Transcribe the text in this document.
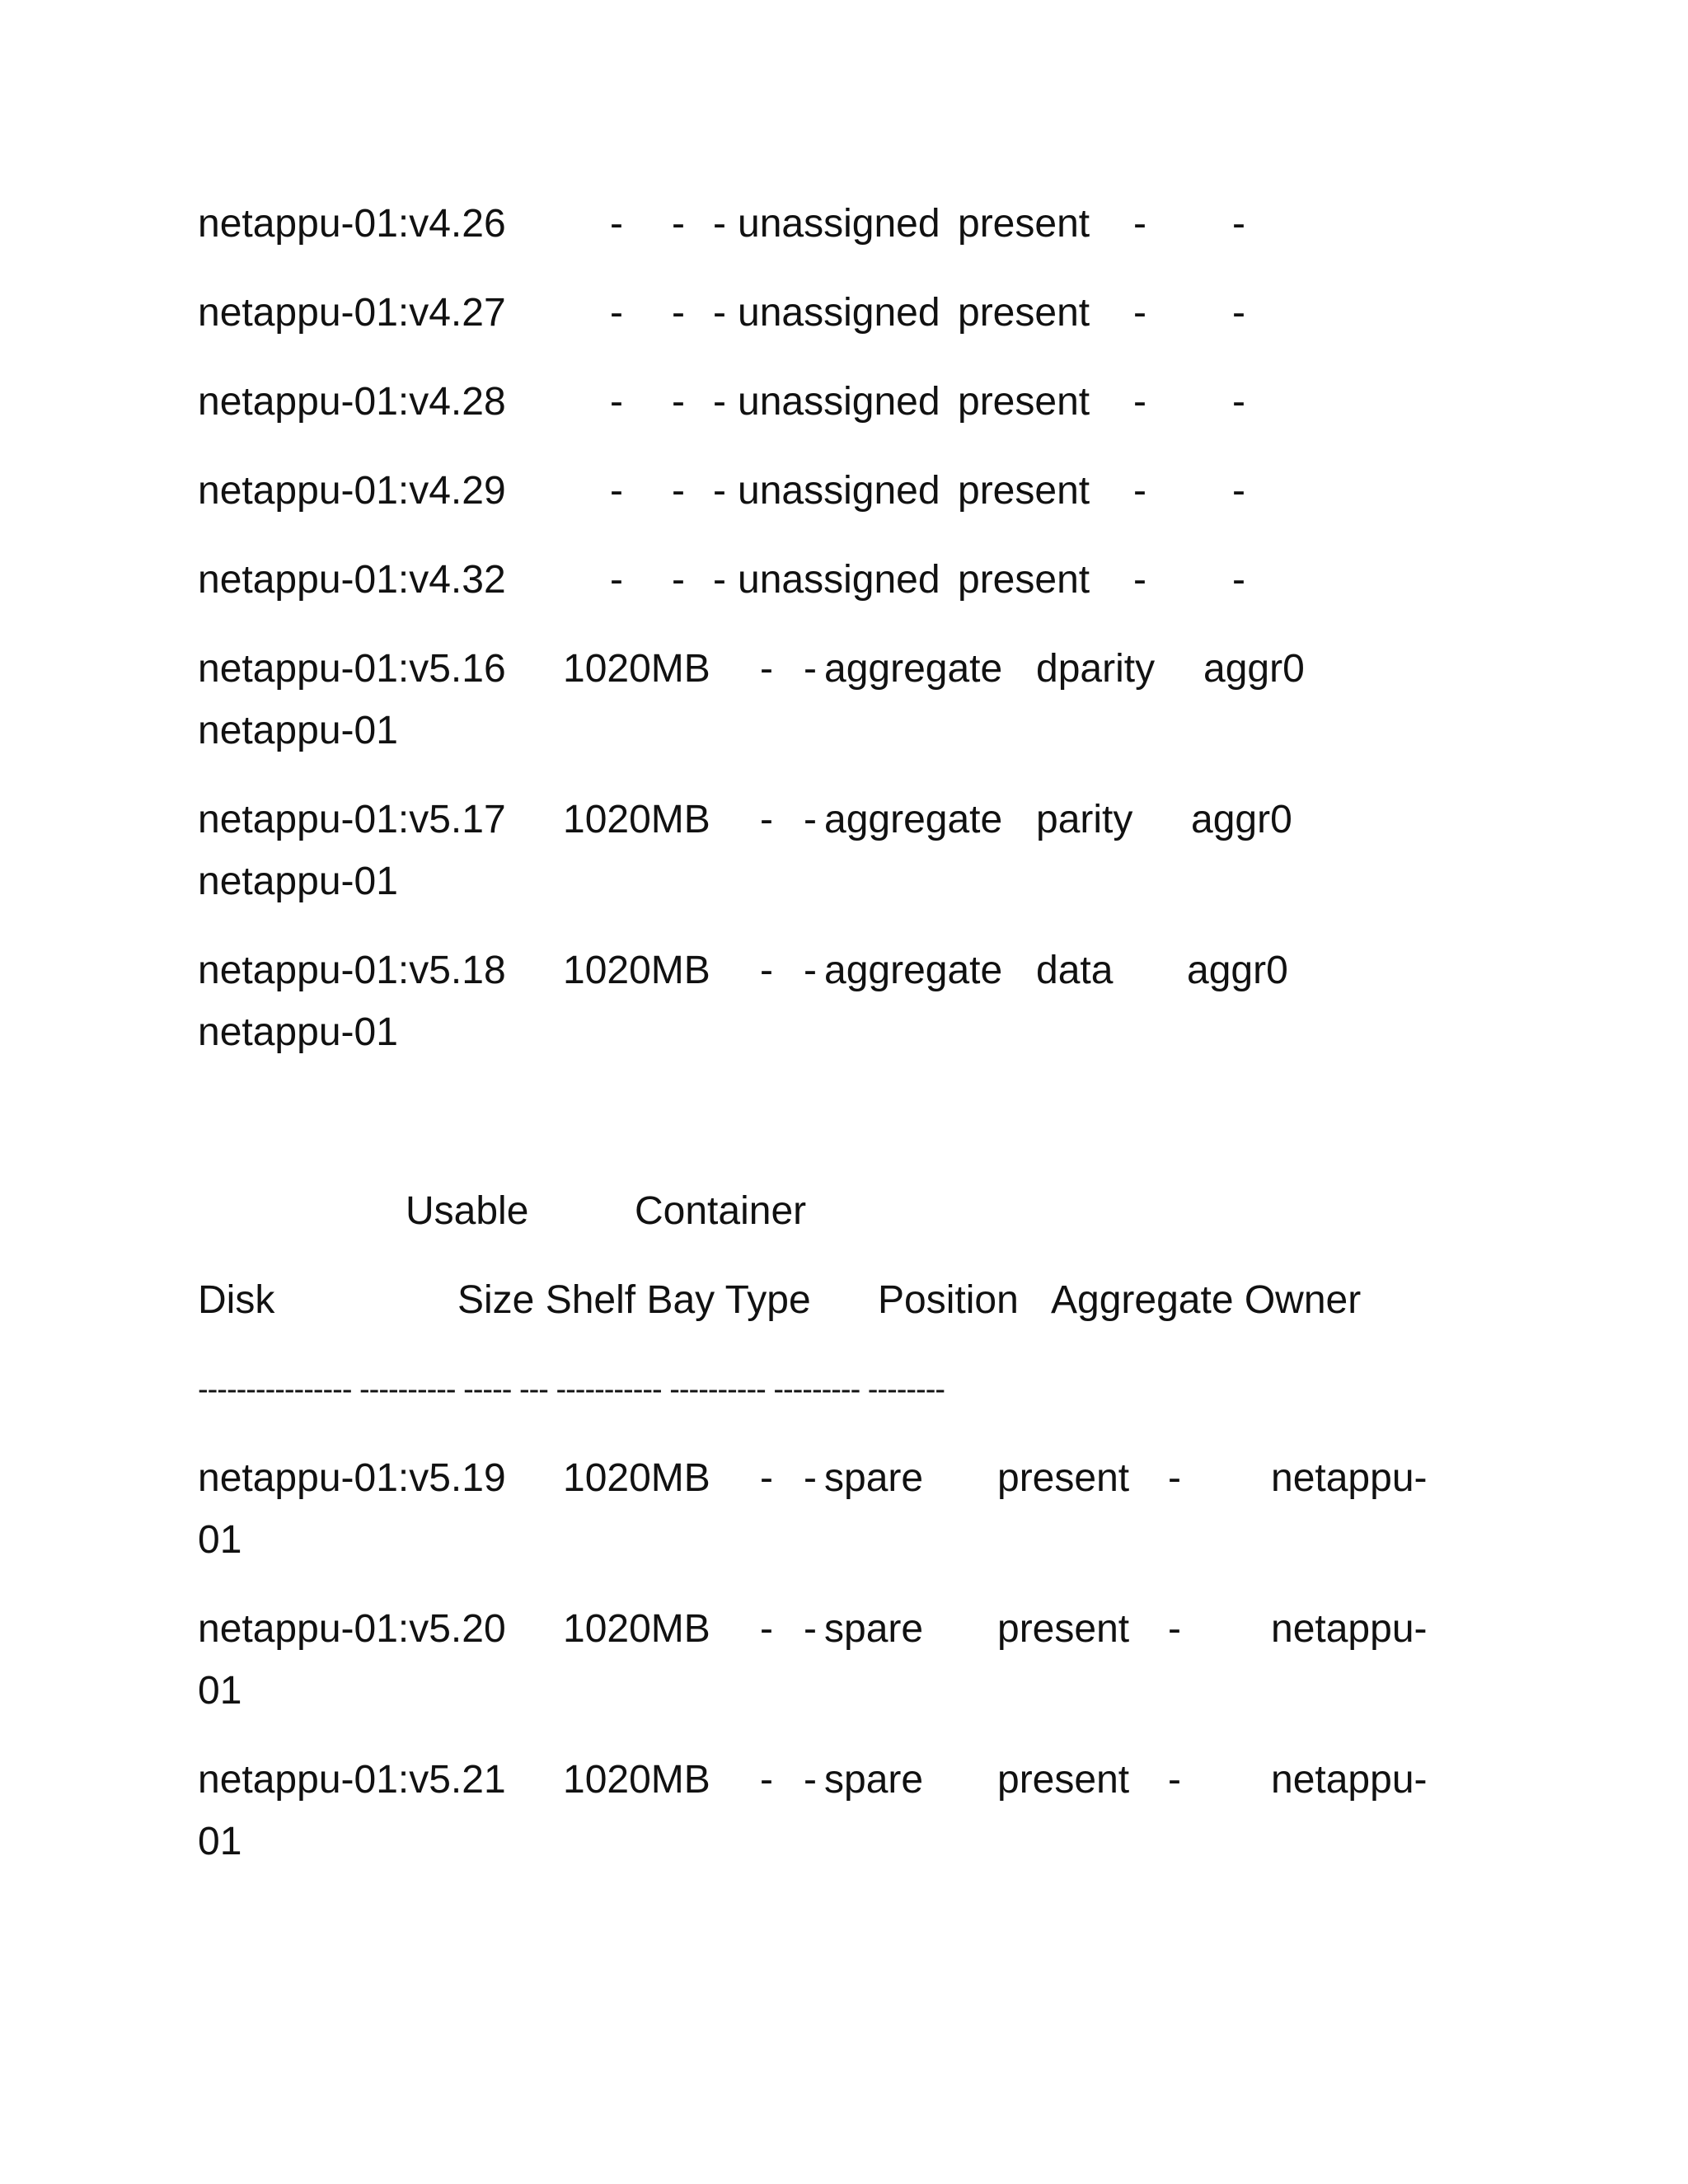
netappu-01:v4.26	- - - unassigned present - -
netappu-01:v4.27	- - - unassigned present - -
netappu-01:v4.28	- - - unassigned present - -
netappu-01:v4.29	- - - unassigned present - -
netappu-01:v4.32	- - - unassigned present - -
netappu-01:v5.16 1020MB - - aggregate dparity aggr0
netappu-01
netappu-01:v5.17 1020MB - - aggregate parity aggr0
netappu-01
netappu-01:v5.18 1020MB - - aggregate data aggr0
netappu-01
Usable	Container
Disk	Size Shelf Bay Type Position Aggregate Owner
---------------- ---------- ----- --- ----------- ---------- --------- --------
netappu-01:v5.19 1020MB - - spare present - netappu-
01
netappu-01:v5.20 1020MB - - spare present - netappu-
01
netappu-01:v5.21 1020MB - - spare present - netappu-
01
